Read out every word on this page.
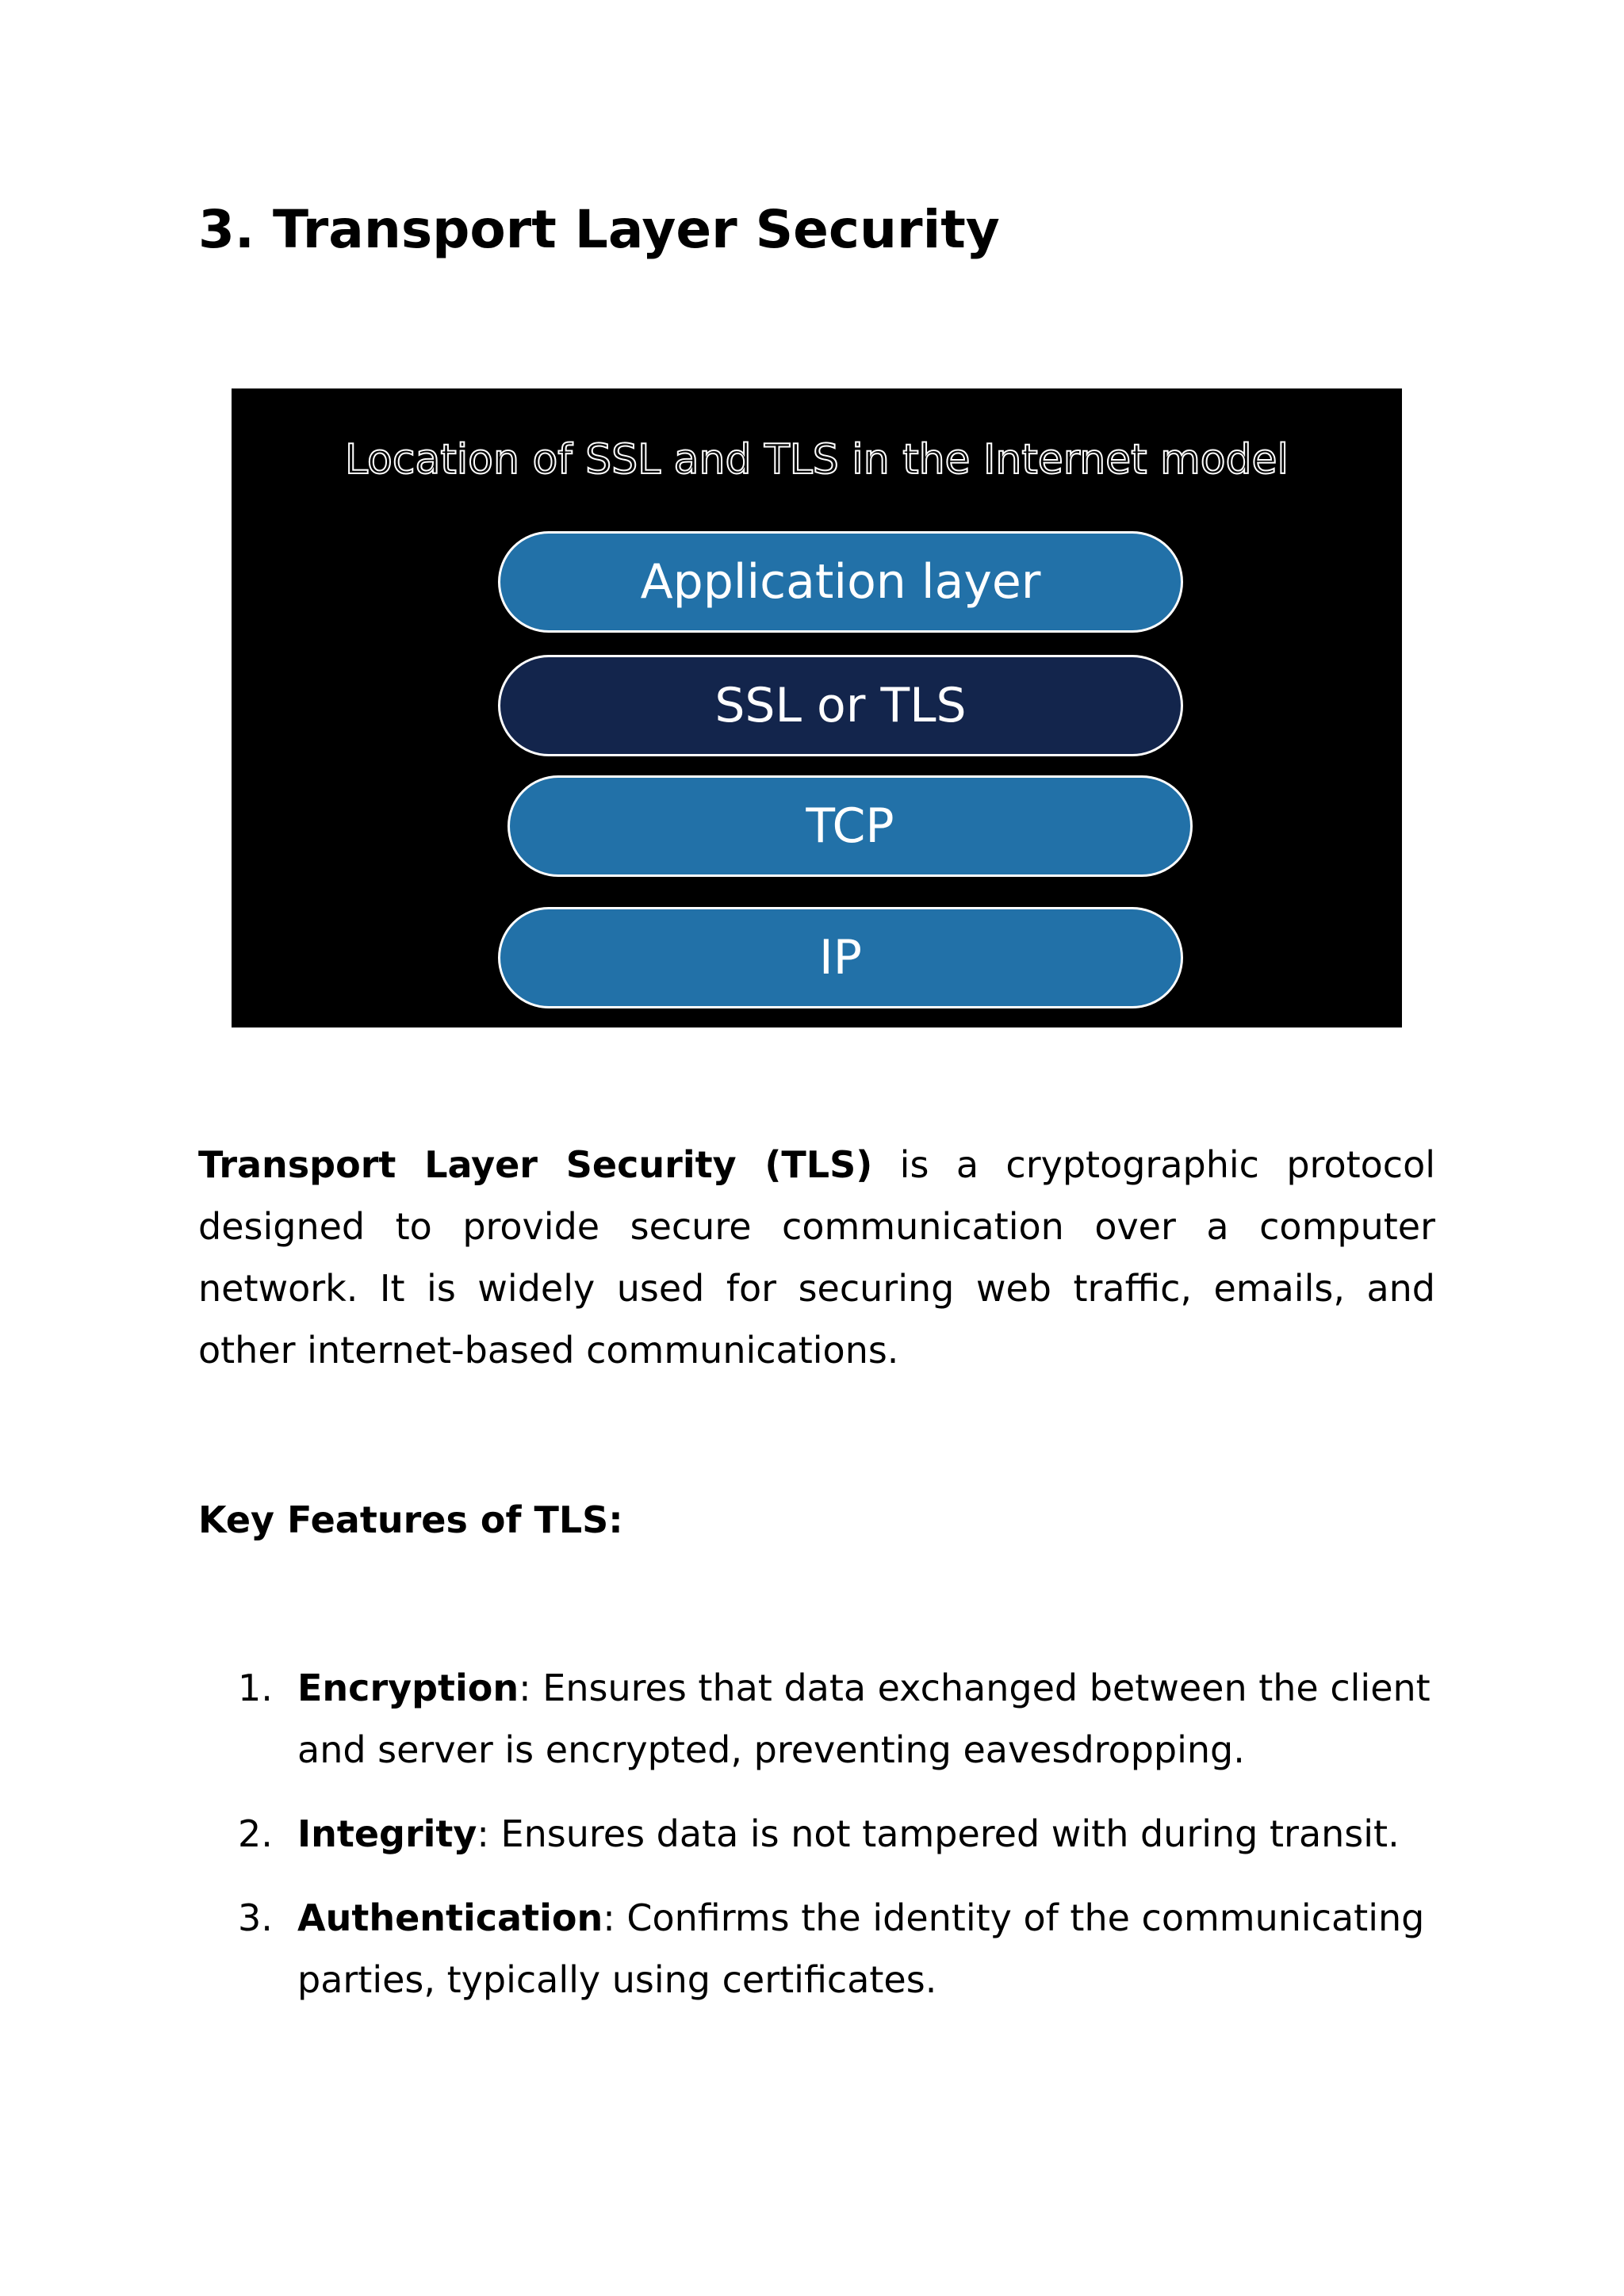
3. Transport Layer Security
Location of SSL and TLS in the Internet model
Application layer
SSL or TLS
TCP
IP

Transport Layer Security (TLS) is a cryptographic protocol designed to provide secure communication over a computer network. It is widely used for securing web traffic, emails, and other internet-based communications.

Key Features of TLS:
1. Encryption: Ensures that data exchanged between the client and server is encrypted, preventing eavesdropping.
2. Integrity: Ensures data is not tampered with during transit.
3. Authentication: Confirms the identity of the communicating parties, typically using certificates.
